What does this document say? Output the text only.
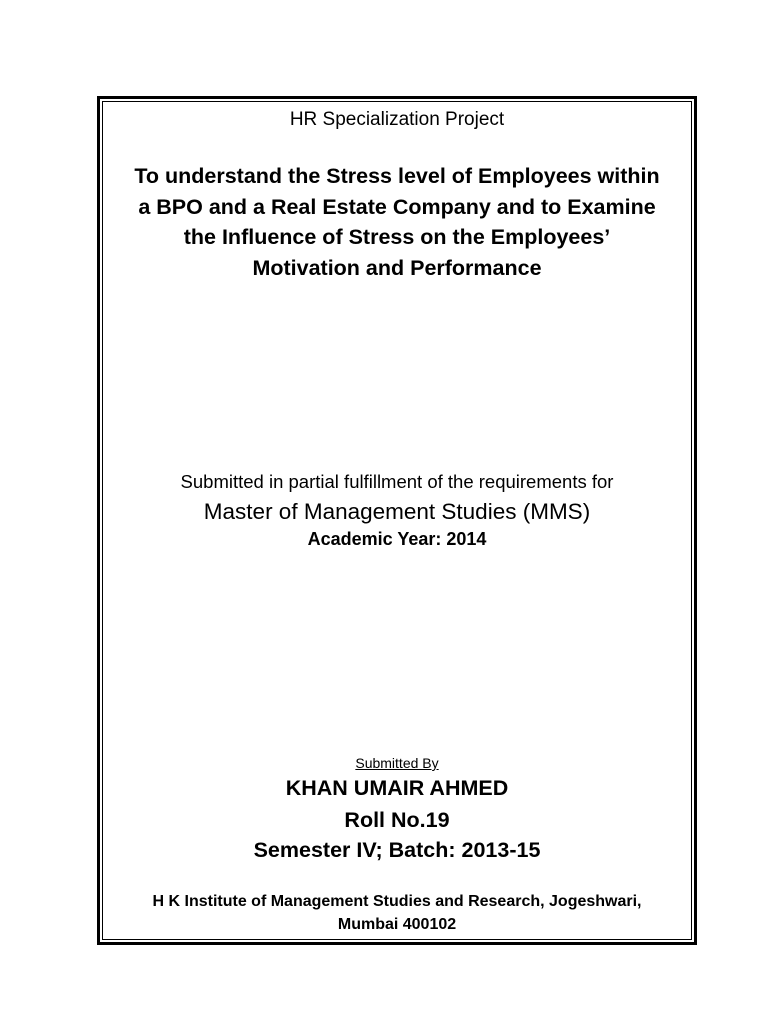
HR Specialization Project
To understand the Stress level of Employees within
a BPO and a Real Estate Company and to Examine
the Influence of Stress on the Employees’
Motivation and Performance
Submitted in partial fulfillment of the requirements for
Master of Management Studies (MMS)
Academic Year: 2014
Submitted By
KHAN UMAIR AHMED
Roll No.19
Semester IV; Batch: 2013-15
H K Institute of Management Studies and Research, Jogeshwari,
Mumbai 400102
